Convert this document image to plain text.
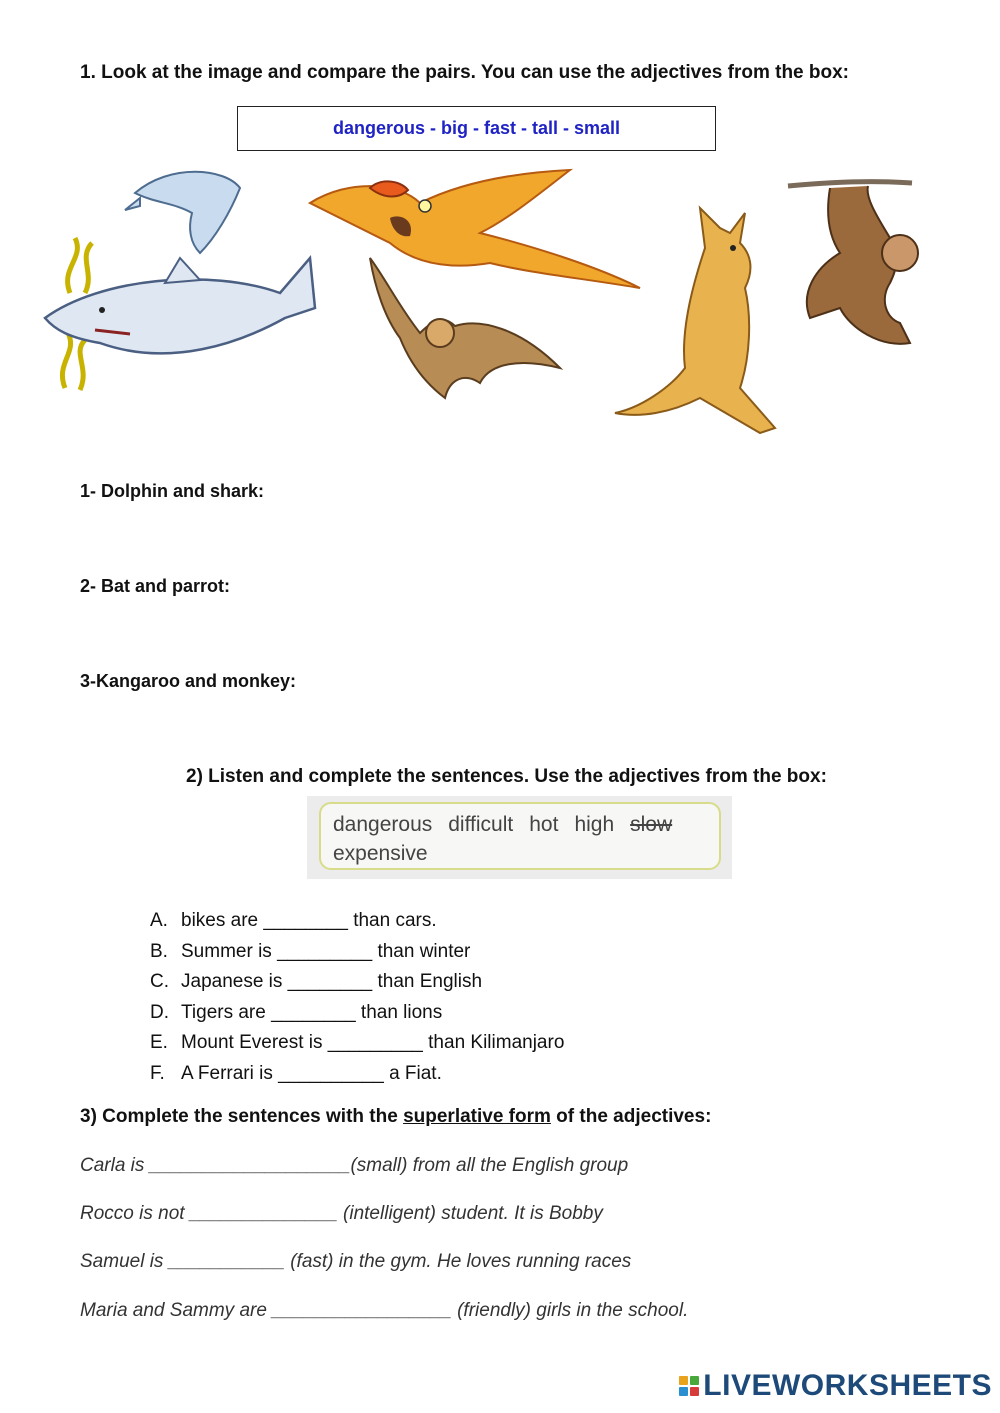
1. Look at the image and compare the pairs. You can use the adjectives from the box:
dangerous - big - fast - tall - small
1- Dolphin and shark:
2- Bat and parrot:
3-Kangaroo and monkey:
2) Listen and complete the sentences. Use the adjectives from the box:
dangerous difficult hot high slow
expensive
A. bikes are ________ than cars.
B. Summer is _________ than winter
C. Japanese is ________ than English
D. Tigers are ________ than lions
E. Mount Everest is _________ than Kilimanjaro
F. A Ferrari is __________ a Fiat.
3) Complete the sentences with the superlative form of the adjectives:
Carla is ___________________(small) from all the English group
Rocco is not ______________ (intelligent) student. It is Bobby
Samuel is ___________ (fast) in the gym. He loves running races
Maria and Sammy are _________________ (friendly) girls in the school.
LIVEWORKSHEETS
